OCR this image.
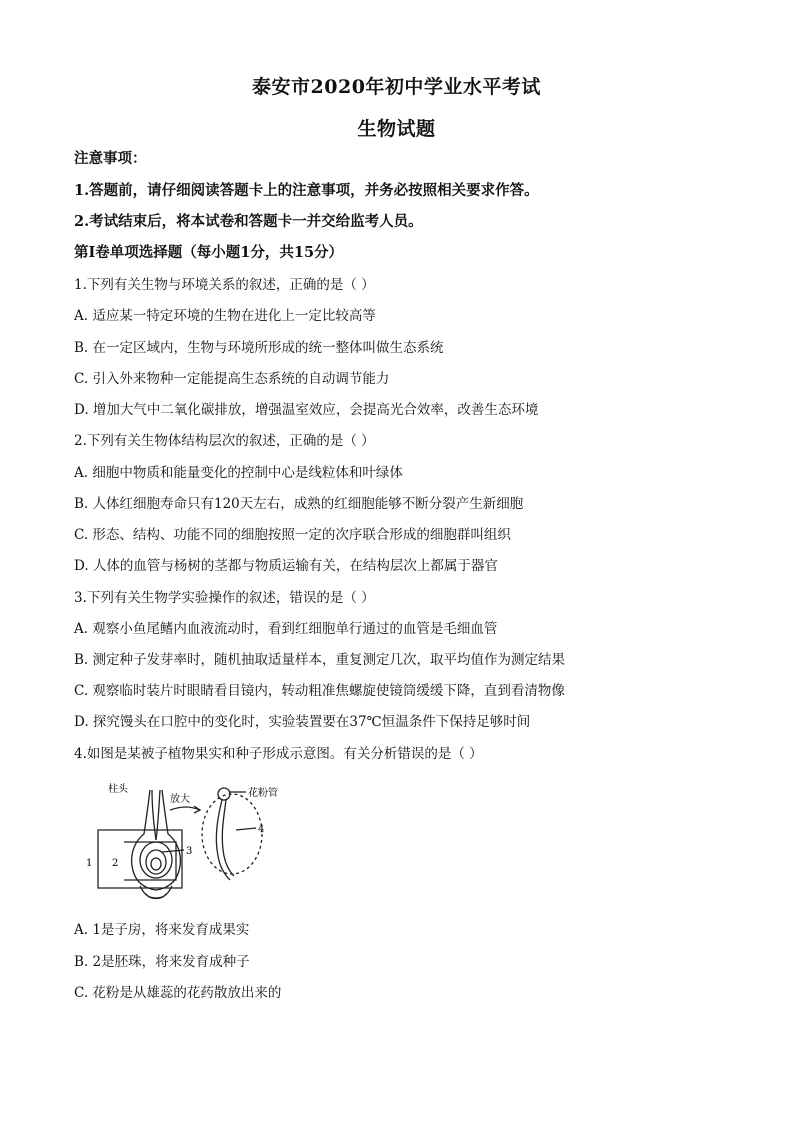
泰安市2020年初中学业水平考试
生物试题
注意事项：
1.答题前，请仔细阅读答题卡上的注意事项，并务必按照相关要求作答。
2.考试结束后，将本试卷和答题卡一并交给监考人员。
第Ⅰ卷单项选择题（每小题1分，共15分）
1.下列有关生物与环境关系的叙述，正确的是（ ）
A. 适应某一特定环境的生物在进化上一定比较高等
B. 在一定区域内，生物与环境所形成的统一整体叫做生态系统
C. 引入外来物种一定能提高生态系统的自动调节能力
D. 增加大气中二氧化碳排放，增强温室效应，会提高光合效率，改善生态环境
2.下列有关生物体结构层次的叙述，正确的是（ ）
A. 细胞中物质和能量变化的控制中心是线粒体和叶绿体
B. 人体红细胞寿命只有120天左右，成熟的红细胞能够不断分裂产生新细胞
C. 形态、结构、功能不同的细胞按照一定的次序联合形成的细胞群叫组织
D. 人体的血管与杨树的茎都与物质运输有关，在结构层次上都属于器官
3.下列有关生物学实验操作的叙述，错误的是（ ）
A. 观察小鱼尾鳍内血液流动时，看到红细胞单行通过的血管是毛细血管
B. 测定种子发芽率时，随机抽取适量样本，重复测定几次，取平均值作为测定结果
C. 观察临时装片时眼睛看目镜内，转动粗准焦螺旋使镜筒缓缓下降，直到看清物像
D. 探究馒头在口腔中的变化时，实验装置要在37℃恒温条件下保持足够时间
4.如图是某被子植物果实和种子形成示意图。有关分析错误的是（ ）
柱头
放大
花粉管
1 2
3
4
A. 1是子房，将来发育成果实
B. 2是胚珠，将来发育成种子
C. 花粉是从雄蕊的花药散放出来的
